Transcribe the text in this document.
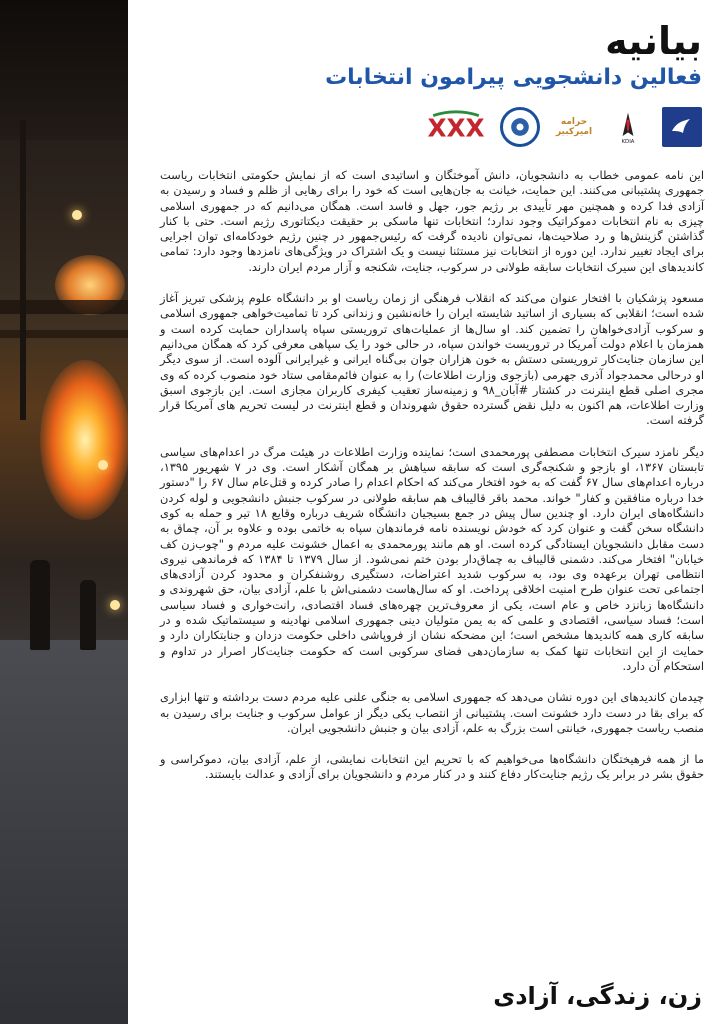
بیانیه
فعالین دانشجویی پیرامون انتخابات
KDIA
حرامه امیرکبیر
XXX

این نامه عمومی خطاب به دانشجویان، دانش آموختگان و اساتیدی است که از نمایش حکومتی انتخابات ریاست جمهوری پشتیبانی می‌کنند. این حمایت، خیانت به جان‌هایی است که خود را برای رهایی از ظلم و فساد و رسیدن به آزادی فدا کرده و همچنین مهر تأییدی بر رژیم جور، جهل و فاسد است. همگان می‌دانیم که در جمهوری اسلامی چیزی به نام انتخابات دموکراتیک وجود ندارد؛ انتخابات تنها ماسکی بر حقیقت دیکتاتوری رژیم است. حتی با کنار گذاشتن گزینش‌ها و رد صلاحیت‌ها، نمی‌توان نادیده گرفت که رئیس‌جمهور در چنین رژیم خودکامه‌ای توان اجرایی برای ایجاد تغییر ندارد. این دوره از انتخابات نیز مستثنا نیست و یک اشتراک در ویژگی‌های نامزدها وجود دارد: تمامی کاندیدهای این سیرک انتخابات سابقه طولانی در سرکوب، جنایت، شکنجه و آزار مردم ایران دارند.

مسعود پزشکیان با افتخار عنوان می‌کند که انقلاب فرهنگی از زمان ریاست او بر دانشگاه علوم پزشکی تبریز آغاز شده است؛ انقلابی که بسیاری از اساتید شایسته ایران را خانه‌نشین و زندانی کرد تا تمامیت‌خواهی جمهوری اسلامی و سرکوب آزادی‌خواهان را تضمین کند. او سال‌ها از عملیات‌های تروریستی سپاه پاسداران حمایت کرده است و همزمان با اعلام دولت آمریکا در تروریست خواندن سپاه، در حالی خود را یک سپاهی معرفی کرد که همگان می‌دانیم این سازمان جنایت‌کار تروریستی دستش به خون هزاران جوان بی‌گناه ایرانی و غیرایرانی آلوده است. از سوی دیگر او درحالی محمدجواد آذری جهرمی (بازجوی وزارت اطلاعات) را به عنوان فائم‌مقامی ستاد خود منصوب کرده که وی مجری اصلی قطع اینترنت در کشتار #آبان_۹۸ و زمینه‌ساز تعقیب کیفری کاربران مجازی است. این بازجوی اسبق وزارت اطلاعات، هم اکنون به دلیل نقض گسترده حقوق شهروندان و قطع اینترنت در لیست تحریم های آمریکا قرار گرفته است.

دیگر نامزد سیرک انتخابات مصطفی پورمحمدی است؛ نماینده وزارت اطلاعات در هیئت مرگ در اعدام‌های سیاسی تابستان ۱۳۶۷، او بازجو و شکنجه‌گری است که سابقه سیاهش بر همگان آشکار است. وی در ۷ شهریور ۱۳۹۵، درباره اعدام‌های سال ۶۷ گفت که به خود افتخار می‌کند که احکام اعدام را صادر کرده و قتل‌عام سال ۶۷ را "دستور خدا درباره منافقین و کفار" خواند. محمد باقر قالیباف هم سابقه طولانی در سرکوب جنبش دانشجویی و لوله کردن دانشگاه‌های ایران دارد. او چندین سال پیش در جمع بسیجیان دانشگاه شریف درباره وقایع ۱۸ تیر و حمله به کوی دانشگاه سخن گفت و عنوان کرد که خودش نویسنده نامه فرماندهان سپاه به خاتمی بوده و علاوه بر آن، چماق به دست مقابل دانشجویان ایستادگی کرده است. او هم مانند پورمحمدی به اعمال خشونت علیه مردم و "چوب‌زن کف خیابان" افتخار می‌کند. دشمنی قالیباف به چماق‌دار بودن ختم نمی‌شود. از سال ۱۳۷۹ تا ۱۳۸۴ که فرماندهی نیروی انتظامی تهران برعهده وی بود، به سرکوب شدید اعتراضات، دستگیری روشنفکران و محدود کردن آزادی‌های اجتماعی تحت عنوان طرح امنیت اخلاقی پرداخت. او که سال‌هاست دشمنی‌اش با علم، آزادی بیان، حق شهروندی و دانشگاه‌ها زبانزد خاص و عام است، یکی از معروف‌ترین چهره‌های فساد اقتصادی، رانت‌خواری و فساد سیاسی است؛ فساد سیاسی، اقتصادی و علمی که به یمن متولیان دینی جمهوری اسلامی نهادینه و سیستماتیک شده و در سابقه کاری همه کاندیدها مشخص است؛ این مضحکه نشان از فروپاشی داخلی حکومت دزدان و جنایتکاران دارد و حمایت از این انتخابات تنها کمک به سازمان‌دهی فضای سرکوبی است که حکومت جنایت‌کار اصرار در تداوم و استحکام آن دارد.

چیدمان کاندیدهای این دوره نشان می‌دهد که جمهوری اسلامی به جنگی علنی علیه مردم دست برداشته و تنها ابزاری که برای بقا در دست دارد خشونت است. پشتیبانی از انتصاب یکی دیگر از عوامل سرکوب و جنایت برای رسیدن به منصب ریاست جمهوری، خیانتی است بزرگ به علم، آزادی بیان و جنبش دانشجویی ایران.

ما از همه فرهیختگان دانشگاه‌ها می‌خواهیم که با تحریم این انتخابات نمایشی، از علم، آزادی بیان، دموکراسی و حقوق بشر در برابر یک رژیم جنایت‌کار دفاع کنند و در کنار مردم و دانشجویان برای آزادی و عدالت بایستند.

زن، زندگی، آزادی
